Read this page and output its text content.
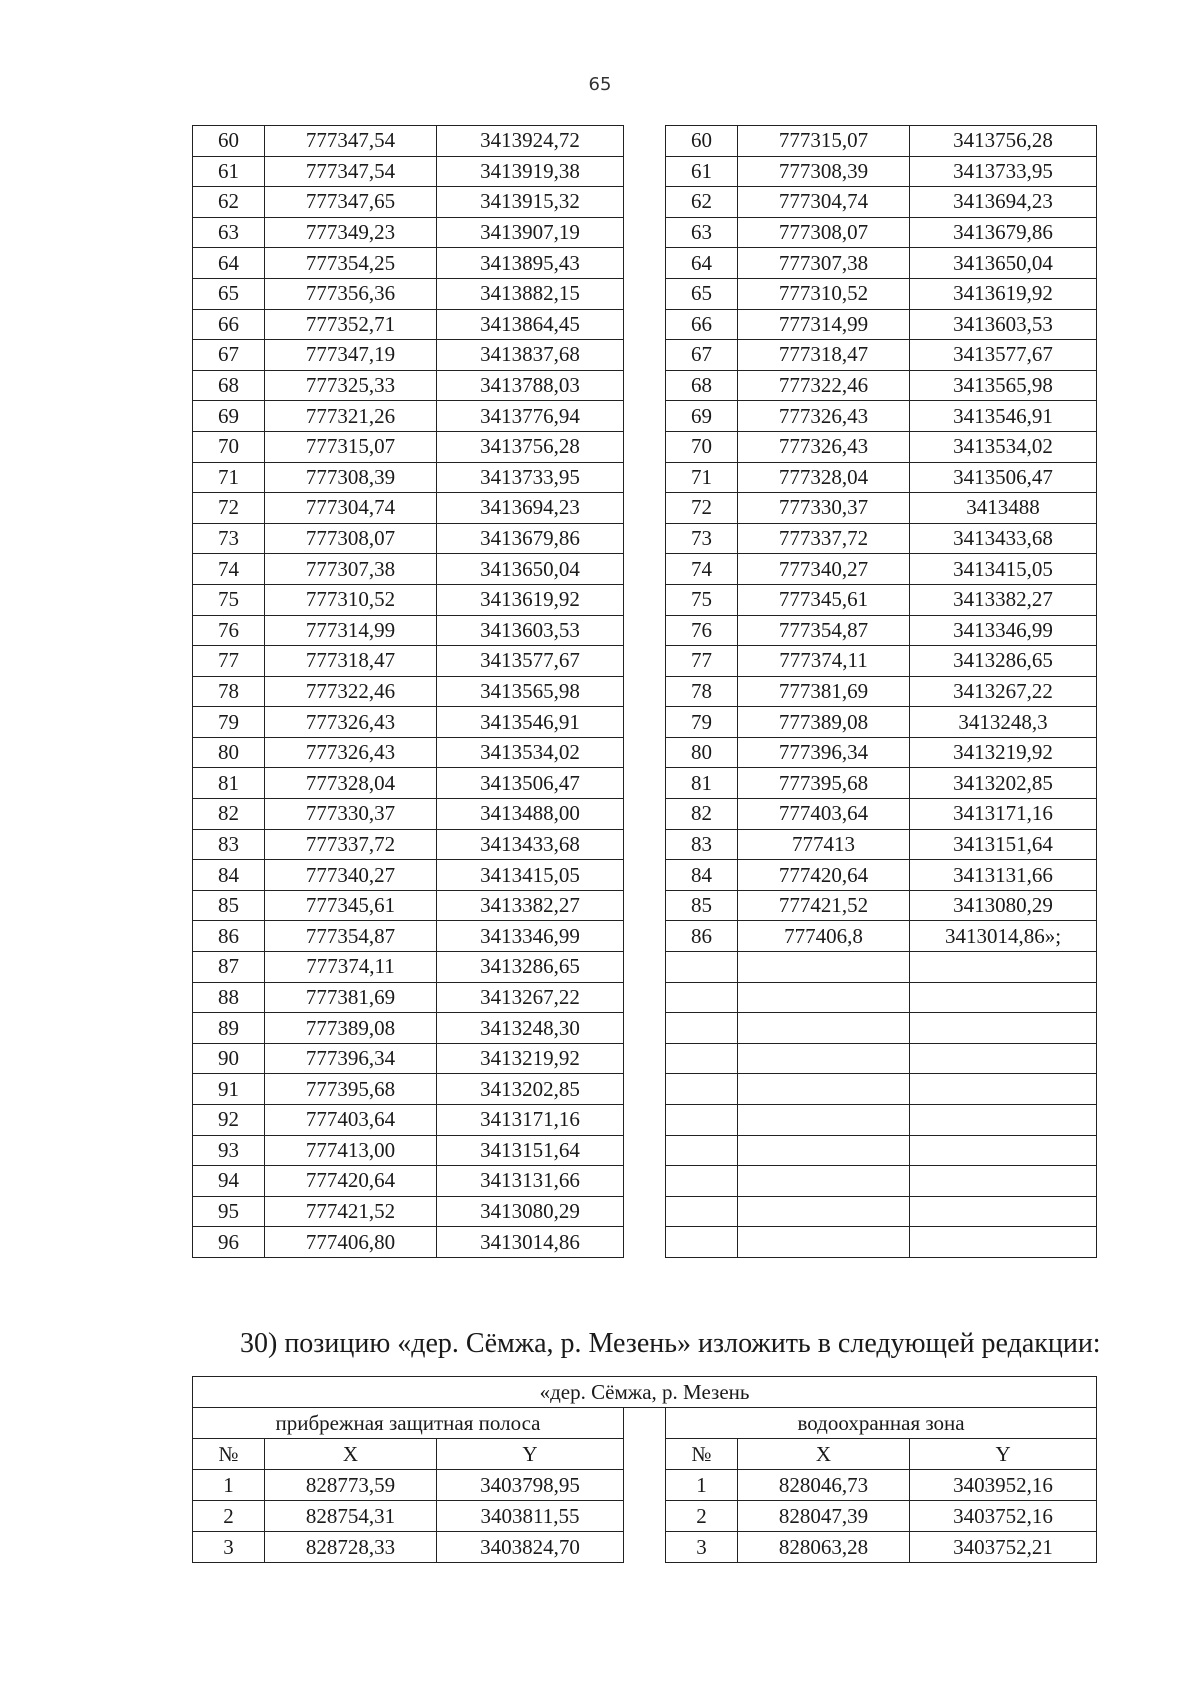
65
60	777347,54	3413924,72		60	777315,07	3413756,28
61	777347,54	3413919,38		61	777308,39	3413733,95
62	777347,65	3413915,32		62	777304,74	3413694,23
63	777349,23	3413907,19		63	777308,07	3413679,86
64	777354,25	3413895,43		64	777307,38	3413650,04
65	777356,36	3413882,15		65	777310,52	3413619,92
66	777352,71	3413864,45		66	777314,99	3413603,53
67	777347,19	3413837,68		67	777318,47	3413577,67
68	777325,33	3413788,03		68	777322,46	3413565,98
69	777321,26	3413776,94		69	777326,43	3413546,91
70	777315,07	3413756,28		70	777326,43	3413534,02
71	777308,39	3413733,95		71	777328,04	3413506,47
72	777304,74	3413694,23		72	777330,37	3413488
73	777308,07	3413679,86		73	777337,72	3413433,68
74	777307,38	3413650,04		74	777340,27	3413415,05
75	777310,52	3413619,92		75	777345,61	3413382,27
76	777314,99	3413603,53		76	777354,87	3413346,99
77	777318,47	3413577,67		77	777374,11	3413286,65
78	777322,46	3413565,98		78	777381,69	3413267,22
79	777326,43	3413546,91		79	777389,08	3413248,3
80	777326,43	3413534,02		80	777396,34	3413219,92
81	777328,04	3413506,47		81	777395,68	3413202,85
82	777330,37	3413488,00		82	777403,64	3413171,16
83	777337,72	3413433,68		83	777413	3413151,64
84	777340,27	3413415,05		84	777420,64	3413131,66
85	777345,61	3413382,27		85	777421,52	3413080,29
86	777354,87	3413346,99		86	777406,8	3413014,86»;
87	777374,11	3413286,65				
88	777381,69	3413267,22				
89	777389,08	3413248,30				
90	777396,34	3413219,92				
91	777395,68	3413202,85				
92	777403,64	3413171,16				
93	777413,00	3413151,64				
94	777420,64	3413131,66				
95	777421,52	3413080,29				
96	777406,80	3413014,86				
30) позицию «дер. Сёмжа, р. Мезень» изложить в следующей редакции:
«дер. Сёмжа, р. Мезень						
прибрежная защитная полоса				водоохранная зона		
№	X	Y		№	X	Y
1	828773,59	3403798,95		1	828046,73	3403952,16
2	828754,31	3403811,55		2	828047,39	3403752,16
3	828728,33	3403824,70		3	828063,28	3403752,21
